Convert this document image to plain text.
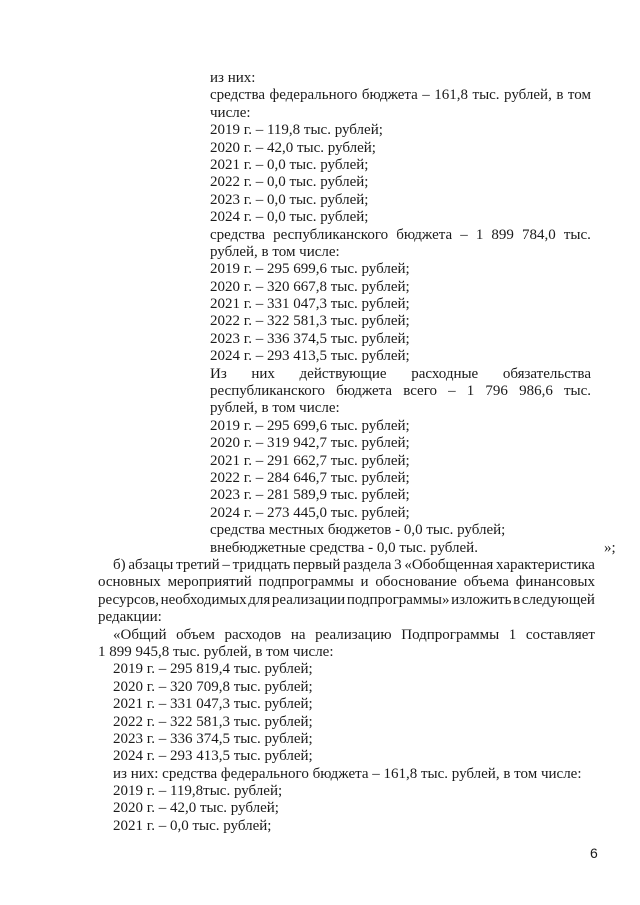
из них:
средства федерального бюджета – 161,8 тыс. рублей, в том
числе:
2019 г. – 119,8 тыс. рублей;
2020 г. – 42,0 тыс. рублей;
2021 г. – 0,0 тыс. рублей;
2022 г. – 0,0 тыс. рублей;
2023 г. – 0,0 тыс. рублей;
2024 г. – 0,0 тыс. рублей;
средства республиканского бюджета – 1 899 784,0 тыс.
рублей, в том числе:
2019 г. – 295 699,6 тыс. рублей;
2020 г. – 320 667,8 тыс. рублей;
2021 г. – 331 047,3 тыс. рублей;
2022 г. – 322 581,3 тыс. рублей;
2023 г. – 336 374,5 тыс. рублей;
2024 г. – 293 413,5 тыс. рублей;
Из них действующие расходные обязательства
республиканского бюджета всего – 1 796 986,6 тыс.
рублей, в том числе:
2019 г. – 295 699,6 тыс. рублей;
2020 г. – 319 942,7 тыс. рублей;
2021 г. – 291 662,7 тыс. рублей;
2022 г. – 284 646,7 тыс. рублей;
2023 г. – 281 589,9 тыс. рублей;
2024 г. – 273 445,0 тыс. рублей;
средства местных бюджетов - 0,0 тыс. рублей;
внебюджетные средства - 0,0 тыс. рублей.	»;
б) абзацы третий – тридцать первый раздела 3 «Обобщенная характеристика
основных мероприятий подпрограммы и обоснование объема финансовых
ресурсов, необходимых для реализации подпрограммы» изложить в следующей
редакции:
«Общий объем расходов на реализацию Подпрограммы 1 составляет
1 899 945,8 тыс. рублей, в том числе:
2019 г. – 295 819,4 тыс. рублей;
2020 г. – 320 709,8 тыс. рублей;
2021 г. – 331 047,3 тыс. рублей;
2022 г. – 322 581,3 тыс. рублей;
2023 г. – 336 374,5 тыс. рублей;
2024 г. – 293 413,5 тыс. рублей;
из них: средства федерального бюджета – 161,8 тыс. рублей, в том числе:
2019 г. – 119,8тыс. рублей;
2020 г. – 42,0 тыс. рублей;
2021 г. – 0,0 тыс. рублей;
6
